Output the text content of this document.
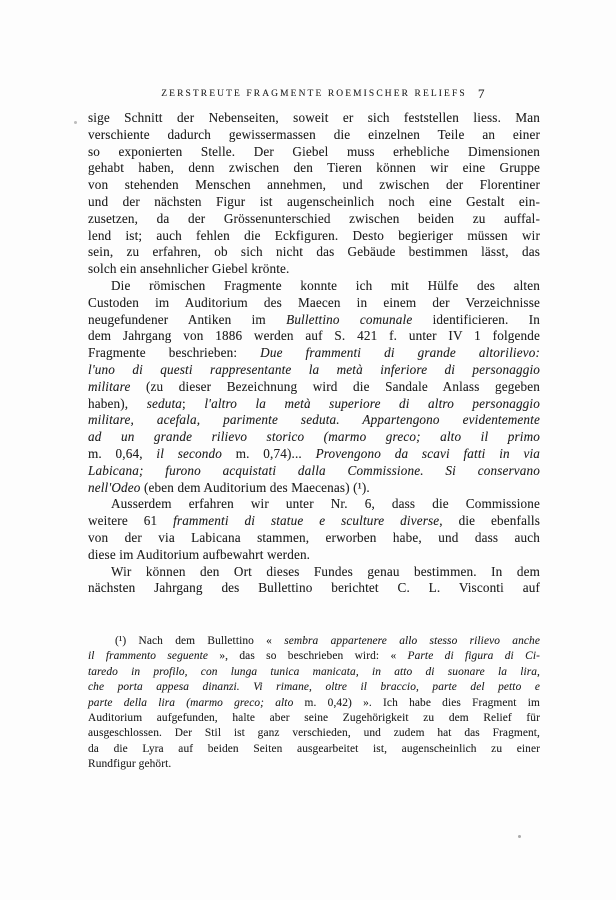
ZERSTREUTE FRAGMENTE ROEMISCHER RELIEFS 7
sige Schnitt der Nebenseiten, soweit er sich feststellen liess. Man
verschiente dadurch gewissermassen die einzelnen Teile an einer
so exponierten Stelle. Der Giebel muss erhebliche Dimensionen
gehabt haben, denn zwischen den Tieren können wir eine Gruppe
von stehenden Menschen annehmen, und zwischen der Florentiner
und der nächsten Figur ist augenscheinlich noch eine Gestalt ein-
zusetzen, da der Grössenunterschied zwischen beiden zu auffal-
lend ist; auch fehlen die Eckfiguren. Desto begieriger müssen wir
sein, zu erfahren, ob sich nicht das Gebäude bestimmen lässt, das
solch ein ansehnlicher Giebel krönte.
Die römischen Fragmente konnte ich mit Hülfe des alten
Custoden im Auditorium des Maecen in einem der Verzeichnisse
neugefundener Antiken im Bullettino comunale identificieren. In
dem Jahrgang von 1886 werden auf S. 421 f. unter IV 1 folgende
Fragmente beschrieben: Due frammenti di grande altorilievo:
l'uno di questi rappresentante la metà inferiore di personaggio
militare (zu dieser Bezeichnung wird die Sandale Anlass gegeben
haben), seduta; l'altro la metà superiore di altro personaggio
militare, acefala, parimente seduta. Appartengono evidentemente
ad un grande rilievo storico (marmo greco; alto il primo
m. 0,64, il secondo m. 0,74)... Provengono da scavi fatti in via
Labicana; furono acquistati dalla Commissione. Si conservano
nell'Odeo (eben dem Auditorium des Maecenas) (¹).
Ausserdem erfahren wir unter Nr. 6, dass die Commissione
weitere 61 frammenti di statue e sculture diverse, die ebenfalls
von der via Labicana stammen, erworben habe, und dass auch
diese im Auditorium aufbewahrt werden.
Wir können den Ort dieses Fundes genau bestimmen. In dem
nächsten Jahrgang des Bullettino berichtet C. L. Visconti auf
(¹) Nach dem Bullettino « sembra appartenere allo stesso rilievo anche
il frammento seguente », das so beschrieben wird: « Parte di figura di Ci-
taredo in profilo, con lunga tunica manicata, in atto di suonare la lira,
che porta appesa dinanzi. Vi rimane, oltre il braccio, parte del petto e
parte della lira (marmo greco; alto m. 0,42) ». Ich habe dies Fragment im
Auditorium aufgefunden, halte aber seine Zugehörigkeit zu dem Relief für
ausgeschlossen. Der Stil ist ganz verschieden, und zudem hat das Fragment,
da die Lyra auf beiden Seiten ausgearbeitet ist, augenscheinlich zu einer
Rundfigur gehört.
